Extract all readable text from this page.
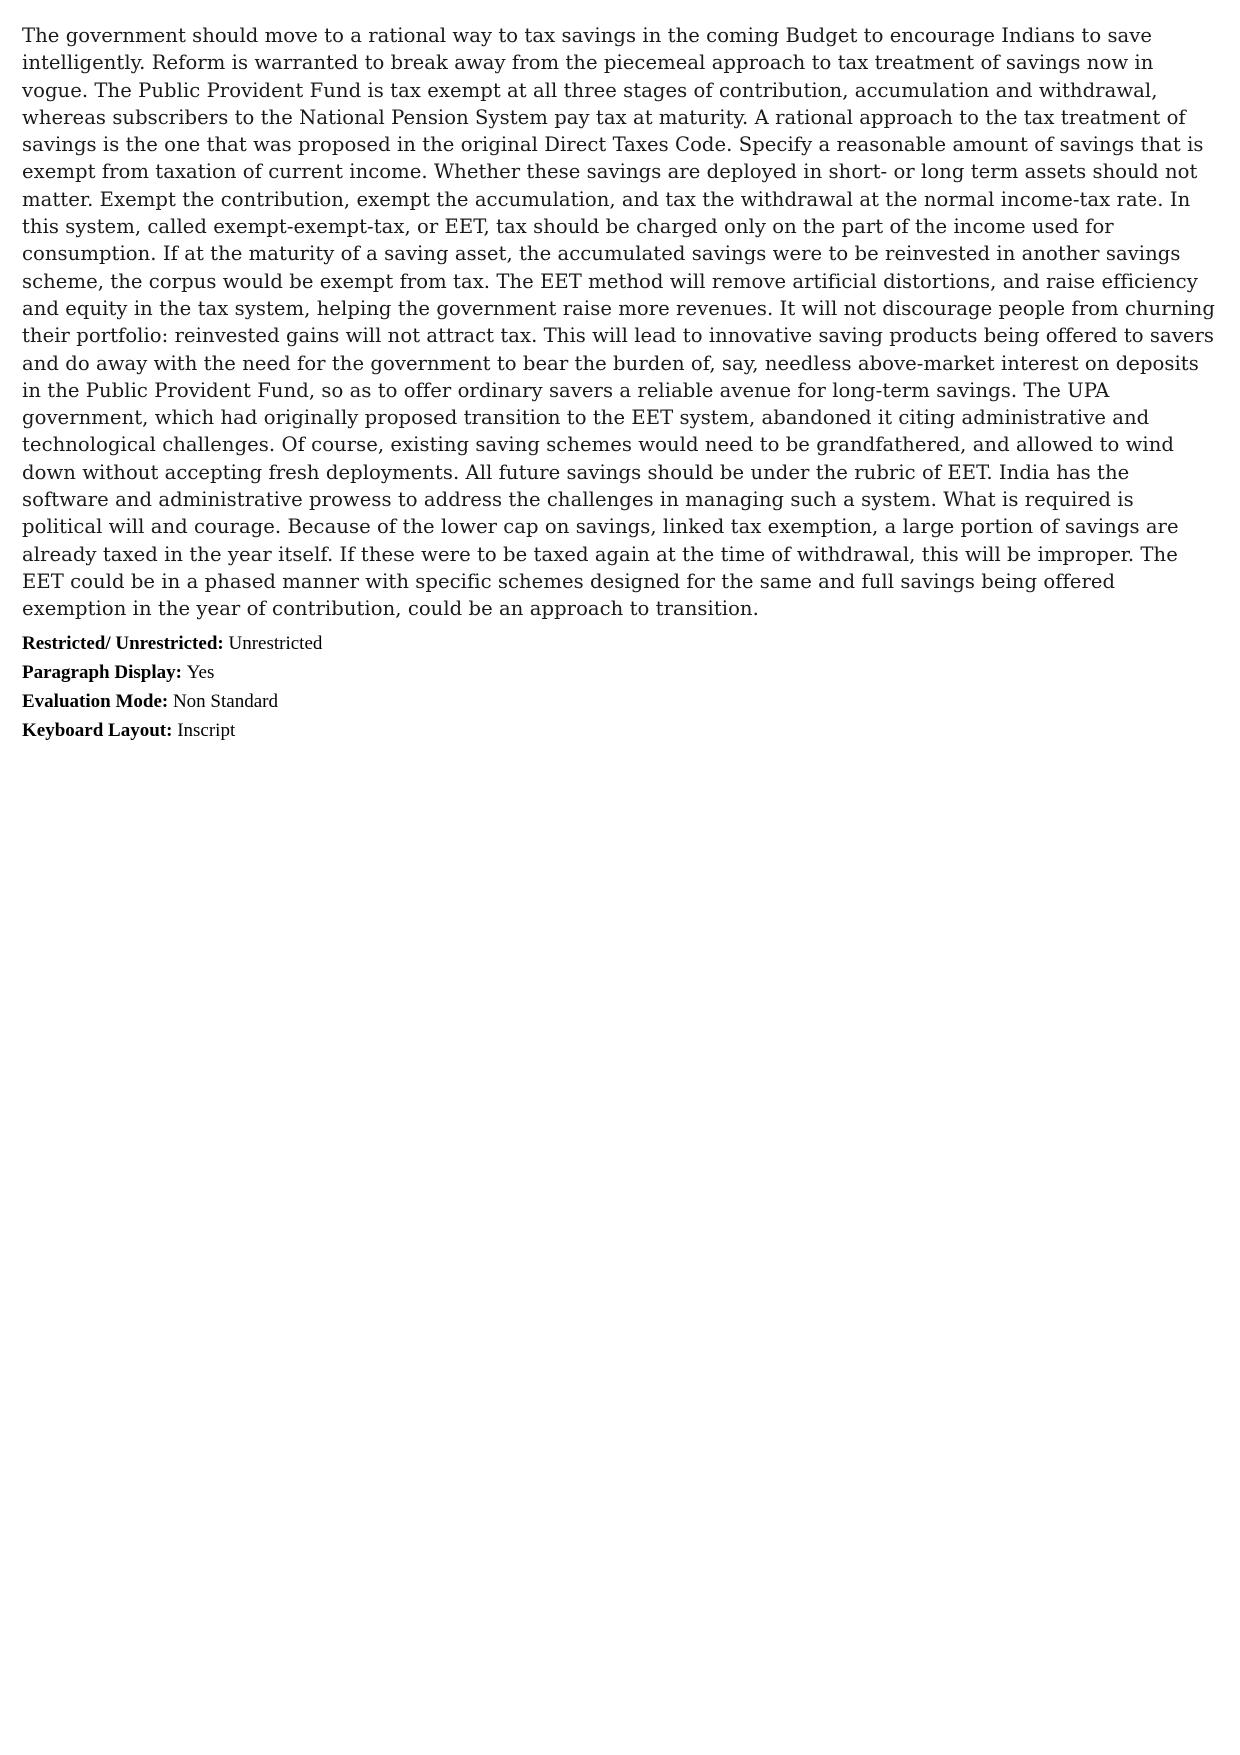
The government should move to a rational way to tax savings in the coming Budget to encourage Indians to save intelligently. Reform is warranted to break away from the piecemeal approach to tax treatment of savings now in vogue. The Public Provident Fund is tax exempt at all three stages of contribution, accumulation and withdrawal, whereas subscribers to the National Pension System pay tax at maturity. A rational approach to the tax treatment of savings is the one that was proposed in the original Direct Taxes Code. Specify a reasonable amount of savings that is exempt from taxation of current income. Whether these savings are deployed in short- or long term assets should not matter. Exempt the contribution, exempt the accumulation, and tax the withdrawal at the normal income-tax rate. In this system, called exempt-exempt-tax, or EET, tax should be charged only on the part of the income used for consumption. If at the maturity of a saving asset, the accumulated savings were to be reinvested in another savings scheme, the corpus would be exempt from tax. The EET method will remove artificial distortions, and raise efficiency and equity in the tax system, helping the government raise more revenues. It will not discourage people from churning their portfolio: reinvested gains will not attract tax. This will lead to innovative saving products being offered to savers and do away with the need for the government to bear the burden of, say, needless above-market interest on deposits in the Public Provident Fund, so as to offer ordinary savers a reliable avenue for long-term savings. The UPA government, which had originally proposed transition to the EET system, abandoned it citing administrative and technological challenges. Of course, existing saving schemes would need to be grandfathered, and allowed to wind down without accepting fresh deployments. All future savings should be under the rubric of EET. India has the software and administrative prowess to address the challenges in managing such a system. What is required is political will and courage. Because of the lower cap on savings, linked tax exemption, a large portion of savings are already taxed in the year itself. If these were to be taxed again at the time of withdrawal, this will be improper. The EET could be in a phased manner with specific schemes designed for the same and full savings being offered exemption in the year of contribution, could be an approach to transition.

Restricted/ Unrestricted: Unrestricted
Paragraph Display: Yes
Evaluation Mode: Non Standard
Keyboard Layout: Inscript
